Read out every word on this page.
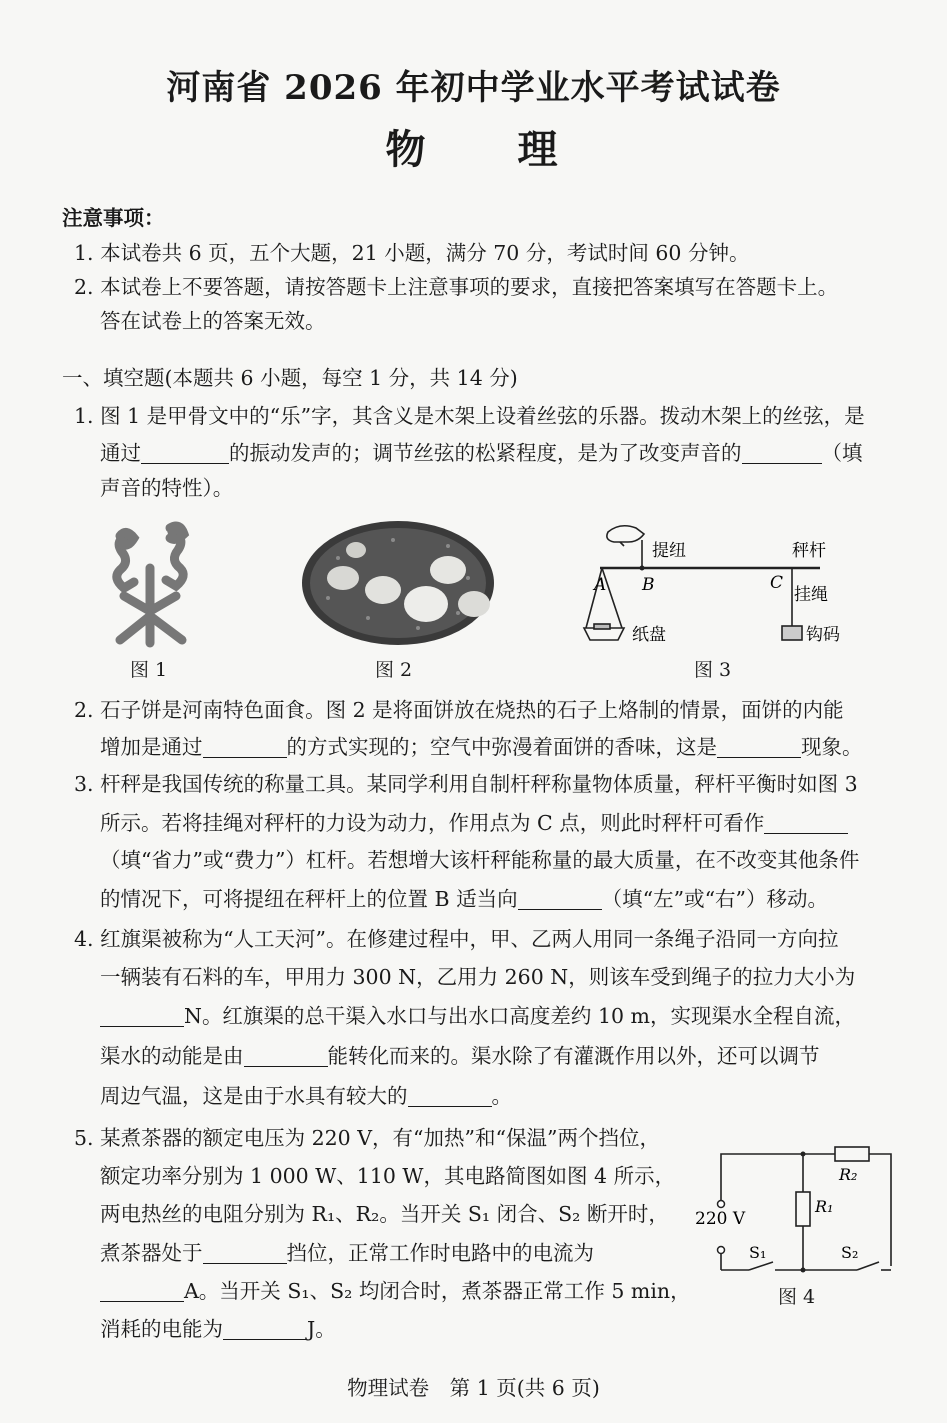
河南省 2026 年初中学业水平考试试卷
物　　理
注意事项：
1. 本试卷共 6 页，五个大题，21 小题，满分 70 分，考试时间 60 分钟。
2. 本试卷上不要答题，请按答题卡上注意事项的要求，直接把答案填写在答题卡上。
答在试卷上的答案无效。
一、填空题(本题共 6 小题，每空 1 分，共 14 分)
1. 图 1 是甲骨文中的“乐”字，其含义是木架上设着丝弦的乐器。拨动木架上的丝弦，是
通过	的振动发声的；调节丝弦的松紧程度，是为了改变声音的	（填
声音的特性）。
图 1	图 2
提纽	秤杆
A B	C
挂绳
纸盘	钩码
图 3
2. 石子饼是河南特色面食。图 2 是将面饼放在烧热的石子上烙制的情景，面饼的内能
增加是通过	的方式实现的；空气中弥漫着面饼的香味，这是	现象。
3. 杆秤是我国传统的称量工具。某同学利用自制杆秤称量物体质量，秤杆平衡时如图 3
所示。若将挂绳对秤杆的力设为动力，作用点为 C 点，则此时秤杆可看作
（填“省力”或“费力”）杠杆。若想增大该杆秤能称量的最大质量，在不改变其他条件
的情况下，可将提纽在秤杆上的位置 B 适当向	（填“左”或“右”）移动。
4. 红旗渠被称为“人工天河”。在修建过程中，甲、乙两人用同一条绳子沿同一方向拉
一辆装有石料的车，甲用力 300 N，乙用力 260 N，则该车受到绳子的拉力大小为
N。红旗渠的总干渠入水口与出水口高度差约 10 m，实现渠水全程自流，
渠水的动能是由	能转化而来的。渠水除了有灌溉作用以外，还可以调节
周边气温，这是由于水具有较大的	。
5. 某煮茶器的额定电压为 220 V，有“加热”和“保温”两个挡位，
额定功率分别为 1 000 W、110 W，其电路简图如图 4 所示，
两电热丝的电阻分别为 R₁、R₂。当开关 S₁ 闭合、S₂ 断开时，
煮茶器处于	挡位，正常工作时电路中的电流为
A。当开关 S₁、S₂ 均闭合时，煮茶器正常工作 5 min，
消耗的电能为	J。
220 V
R₂
R₁
S₁	S₂
图 4
物理试卷　第 1 页(共 6 页)
